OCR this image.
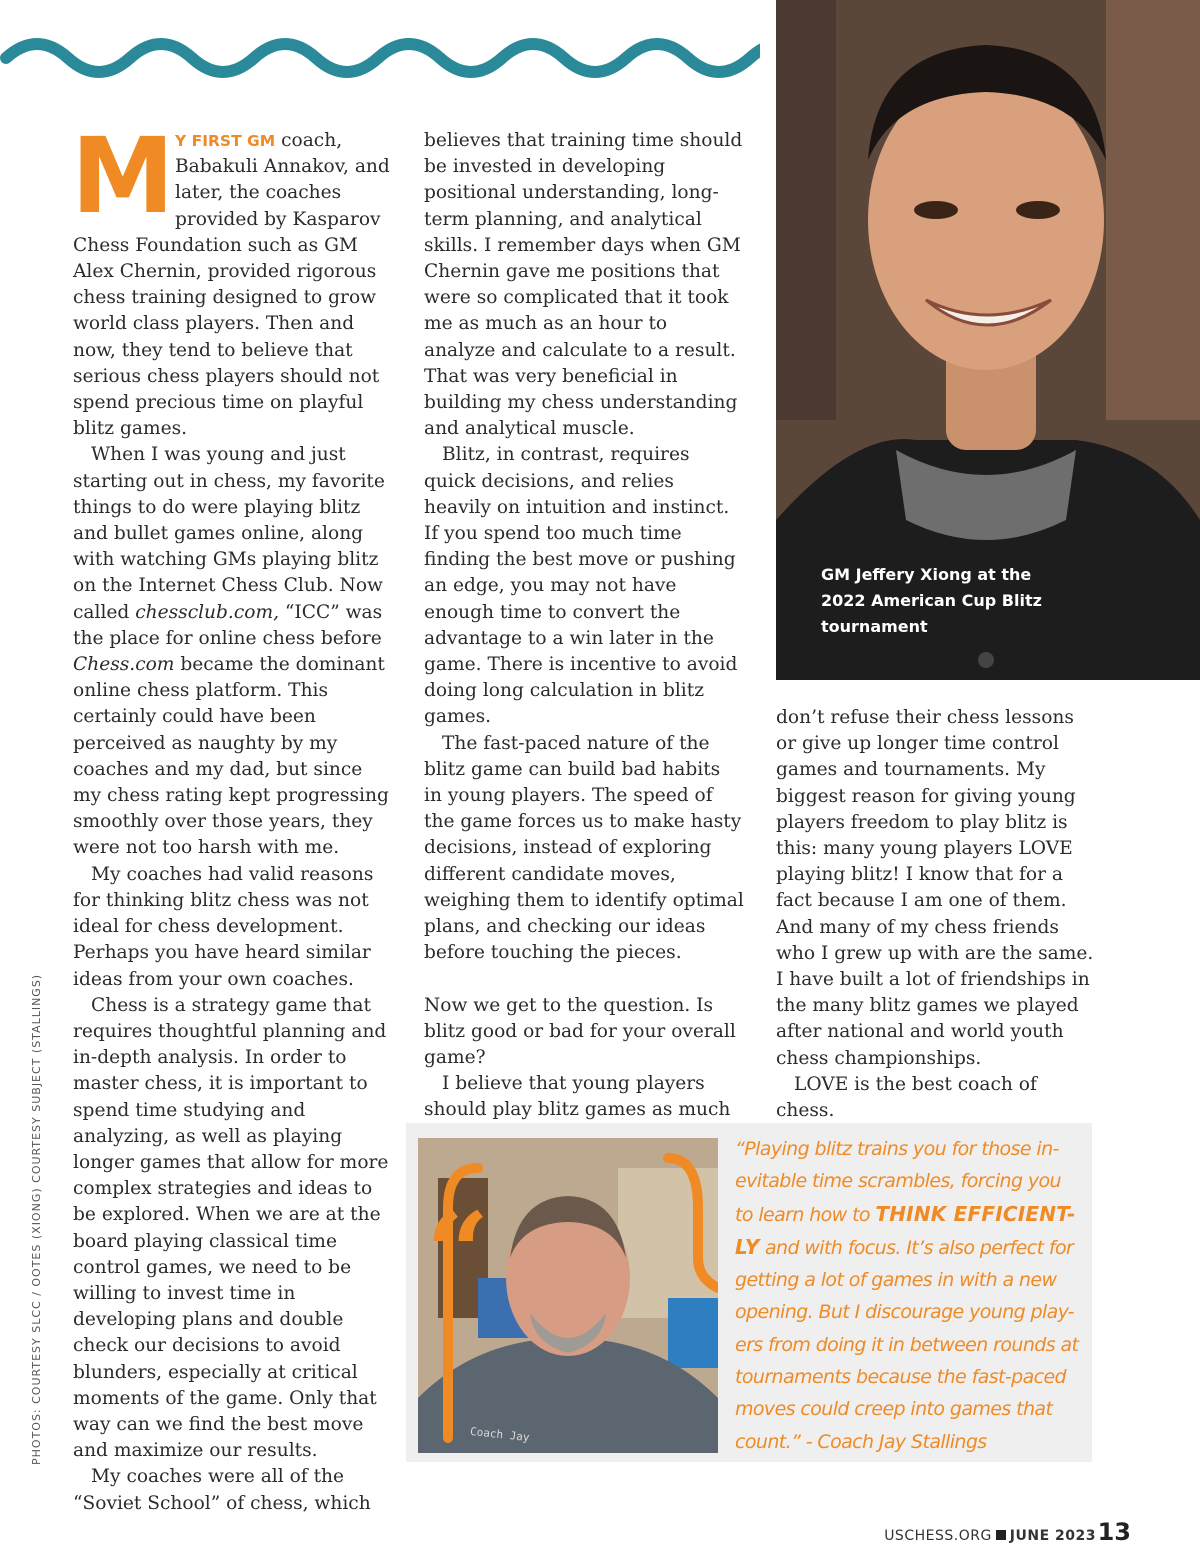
M Y FIRST GM coach, Babakuli Annakov, and later, the coaches provided by Kasparov Chess Foundation such as GM Alex Chernin, provided rigorous chess training designed to grow world class players. Then and now, they tend to believe that serious chess players should not spend precious time on playful blitz games.

When I was young and just starting out in chess, my favorite things to do were playing blitz and bullet games online, along with watching GMs playing blitz on the Internet Chess Club. Now called chessclub.com, “ICC” was the place for online chess before Chess.com became the dominant online chess platform. This certainly could have been perceived as naughty by my coaches and my dad, but since my chess rating kept progressing smoothly over those years, they were not too harsh with me.

My coaches had valid reasons for thinking blitz chess was not ideal for chess development. Perhaps you have heard similar ideas from your own coaches.

Chess is a strategy game that requires thoughtful planning and in-depth analysis. In order to master chess, it is important to spend time studying and analyzing, as well as playing longer games that allow for more complex strategies and ideas to be explored. When we are at the board playing classical time control games, we need to be willing to invest time in developing plans and double check our decisions to avoid blunders, especially at critical moments of the game. Only that way can we find the best move and maximize our results.

My coaches were all of the “Soviet School” of chess, which

believes that training time should be invested in developing positional understanding, long-term planning, and analytical skills. I remember days when GM Chernin gave me positions that were so complicated that it took me as much as an hour to analyze and calculate to a result. That was very beneficial in building my chess understanding and analytical muscle.

Blitz, in contrast, requires quick decisions, and relies heavily on intuition and instinct. If you spend too much time finding the best move or pushing an edge, you may not have enough time to convert the advantage to a win later in the game. There is incentive to avoid doing long calculation in blitz games.

The fast-paced nature of the blitz game can build bad habits in young players. The speed of the game forces us to make hasty decisions, instead of exploring different candidate moves, weighing them to identify optimal plans, and checking our ideas before touching the pieces.

Now we get to the question. Is blitz good or bad for your overall game?

I believe that young players should play blitz games as much

GM Jeffery Xiong at the 2022 American Cup Blitz tournament

don’t refuse their chess lessons or give up longer time control games and tournaments. My biggest reason for giving young players freedom to play blitz is this: many young players LOVE playing blitz! I know that for a fact because I am one of them. And many of my chess friends who I grew up with are the same. I have built a lot of friendships in the many blitz games we played after national and world youth chess championships.

LOVE is the best coach of chess.

PHOTOS: COURTESY SLCC / OOTES (XIONG) COURTESY SUBJECT (STALLINGS)	“
Coach Jay
“Playing blitz trains you for those in-evitable time scrambles, forcing you to learn how to THINK EFFICIENT-LY and with focus. It’s also perfect for getting a lot of games in with a new opening. But I discourage young play-ers from doing it in between rounds at tournaments because the fast-paced moves could creep into games that count.” - Coach Jay Stallings
USCHESS.ORG JUNE 2023 13
